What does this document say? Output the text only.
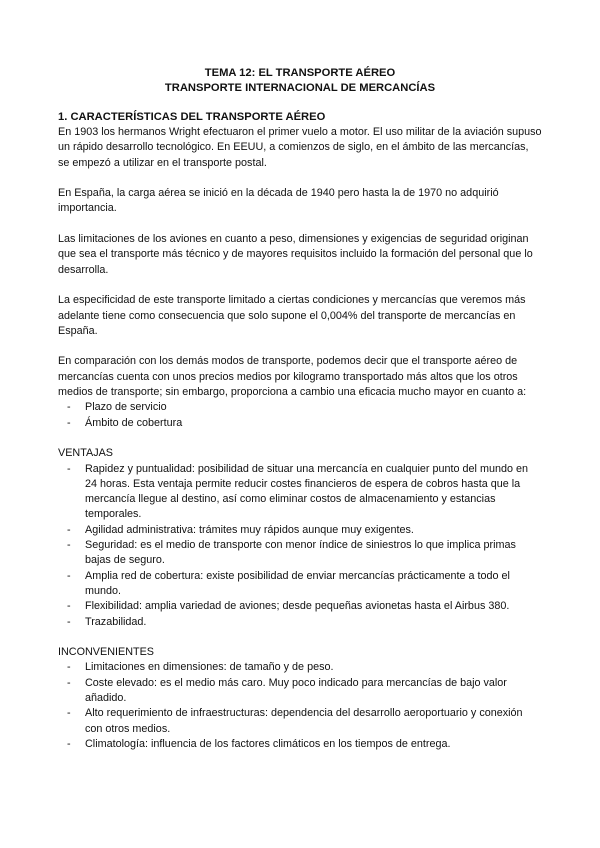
TEMA 12: EL TRANSPORTE AÉREO
TRANSPORTE INTERNACIONAL DE MERCANCÍAS
1. CARACTERÍSTICAS DEL TRANSPORTE AÉREO

En 1903 los hermanos Wright efectuaron el primer vuelo a motor. El uso militar de la aviación supuso un rápido desarrollo tecnológico. En EEUU, a comienzos de siglo, en el ámbito de las mercancías, se empezó a utilizar en el transporte postal.

En España, la carga aérea se inició en la década de 1940 pero hasta la de 1970 no adquirió importancia.

Las limitaciones de los aviones en cuanto a peso, dimensiones y exigencias de seguridad originan que sea el transporte más técnico y de mayores requisitos incluido la formación del personal que lo desarrolla.

La especificidad de este transporte limitado a ciertas condiciones y mercancías que veremos más adelante tiene como consecuencia que solo supone el 0,004% del transporte de mercancías en España.

En comparación con los demás modos de transporte, podemos decir que el transporte aéreo de mercancías cuenta con unos precios medios por kilogramo transportado más altos que los otros medios de transporte; sin embargo, proporciona a cambio una eficacia mucho mayor en cuanto a:

- Plazo de servicio
- Ámbito de cobertura
VENTAJAS
- Rapidez y puntualidad: posibilidad de situar una mercancía en cualquier punto del mundo en 24 horas. Esta ventaja permite reducir costes financieros de espera de cobros hasta que la mercancía llegue al destino, así como eliminar costos de almacenamiento y estancias temporales.
- Agilidad administrativa: trámites muy rápidos aunque muy exigentes.
- Seguridad: es el medio de transporte con menor índice de siniestros lo que implica primas bajas de seguro.
- Amplia red de cobertura: existe posibilidad de enviar mercancías prácticamente a todo el mundo.
- Flexibilidad: amplia variedad de aviones; desde pequeñas avionetas hasta el Airbus 380.
- Trazabilidad.
INCONVENIENTES
- Limitaciones en dimensiones: de tamaño y de peso.
- Coste elevado: es el medio más caro. Muy poco indicado para mercancías de bajo valor añadido.
- Alto requerimiento de infraestructuras: dependencia del desarrollo aeroportuario y conexión con otros medios.
- Climatología: influencia de los factores climáticos en los tiempos de entrega.
